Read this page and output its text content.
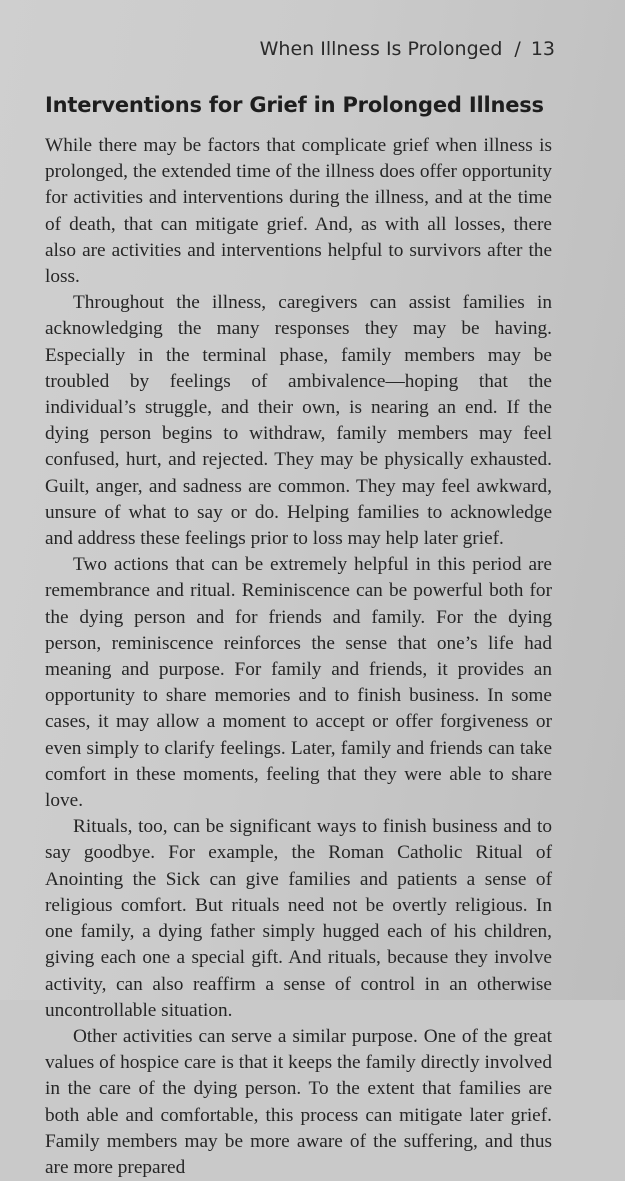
When Illness Is Prolonged / 13
Interventions for Grief in Prolonged Illness

While there may be factors that complicate grief when illness is prolonged, the extended time of the illness does offer opportunity for activities and interventions during the illness, and at the time of death, that can mitigate grief. And, as with all losses, there also are activities and interventions helpful to survivors after the loss.

Throughout the illness, caregivers can assist families in acknowledging the many responses they may be having. Especially in the terminal phase, family members may be troubled by feelings of ambivalence—hoping that the individual’s struggle, and their own, is nearing an end. If the dying person begins to withdraw, family members may feel confused, hurt, and rejected. They may be physically exhausted. Guilt, anger, and sadness are common. They may feel awkward, unsure of what to say or do. Helping families to acknowledge and address these feelings prior to loss may help later grief.

Two actions that can be extremely helpful in this period are remembrance and ritual. Reminiscence can be powerful both for the dying person and for friends and family. For the dying person, reminiscence reinforces the sense that one’s life had meaning and purpose. For family and friends, it provides an opportunity to share memories and to finish business. In some cases, it may allow a moment to accept or offer forgiveness or even simply to clarify feelings. Later, family and friends can take comfort in these moments, feeling that they were able to share love.

Rituals, too, can be significant ways to finish business and to say goodbye. For example, the Roman Catholic Ritual of Anointing the Sick can give families and patients a sense of religious comfort. But rituals need not be overtly religious. In one family, a dying father simply hugged each of his children, giving each one a special gift. And rituals, because they involve activity, can also reaffirm a sense of control in an otherwise uncontrollable situation.

Other activities can serve a similar purpose. One of the great values of hospice care is that it keeps the family directly involved in the care of the dying person. To the extent that families are both able and comfortable, this process can mitigate later grief. Family members may be more aware of the suffering, and thus are more prepared
